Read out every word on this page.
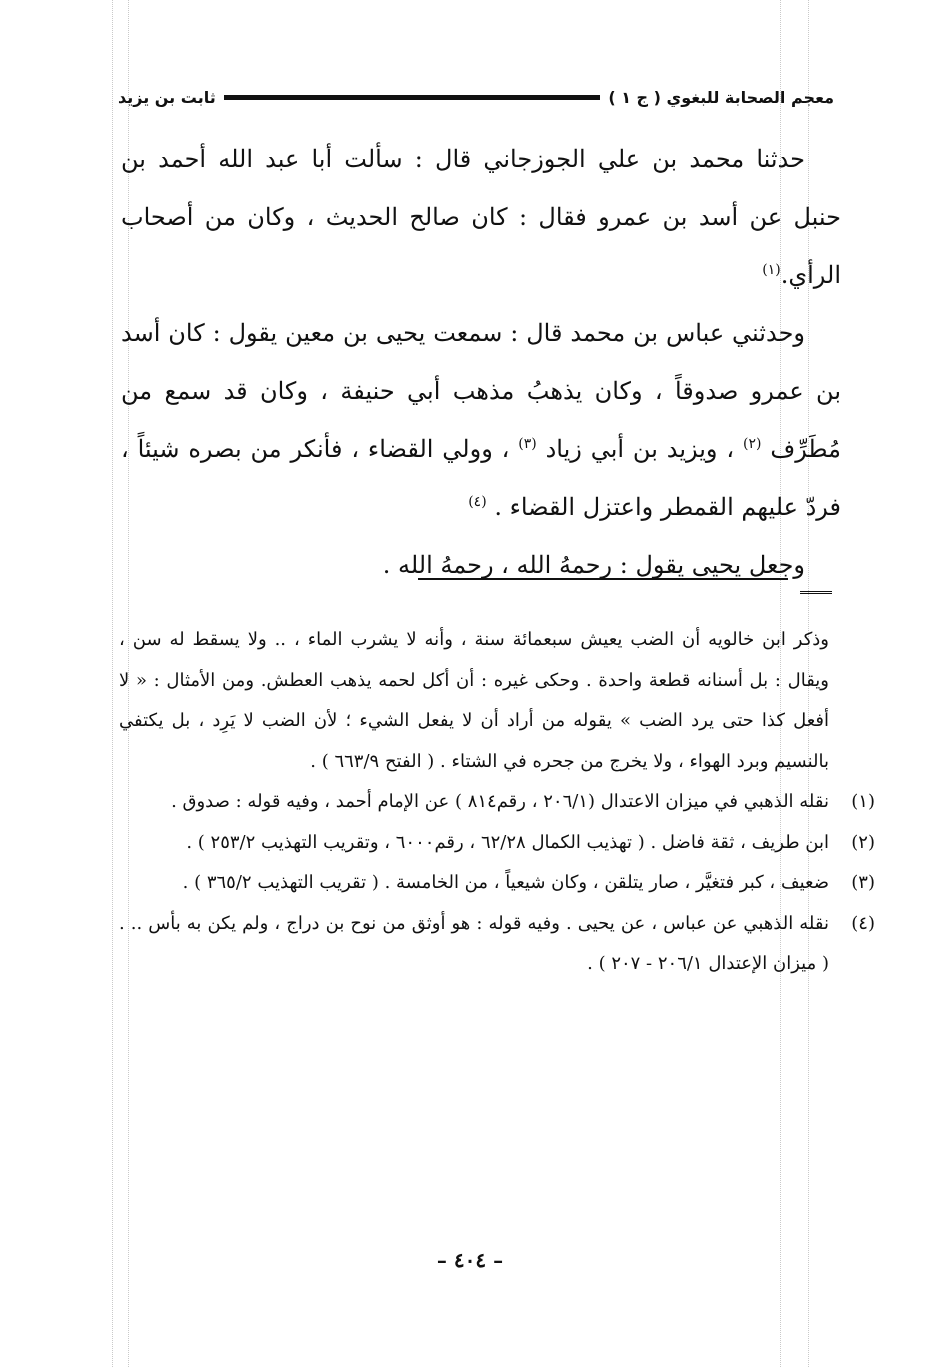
معجم الصحابة للبغوي ( ج ١ )
ثابت بن يزيد

حدثنا محمد بن علي الجوزجاني قال : سألت أبا عبد الله أحمد بن حنبل عن أسد بن عمرو فقال : كان صالح الحديث ، وكان من أصحاب الرأي.$^{(١)}$

وحدثني عباس بن محمد قال : سمعت يحيى بن معين يقول : كان أسد بن عمرو صدوقاً ، وكان يذهبُ مذهب أبي حنيفة ، وكان قد سمع من مُطَرِّف $^{(٢)}$ ، ويزيد بن أبي زياد $^{(٣)}$ ، وولي القضاء ، فأنكر من بصره شيئاً ، فردّ عليهم القمطر واعتزل القضاء . $^{(٤)}$

وجعل يحيى يقول : رحمهُ الله ، رحمهُ الله .

وذكر ابن خالويه أن الضب يعيش سبعمائة سنة ، وأنه لا يشرب الماء ، .. ولا يسقط له سن ، ويقال : بل أسنانه قطعة واحدة . وحكى غيره : أن أكل لحمه يذهب العطش. ومن الأمثال : « لا أفعل كذا حتى يرد الضب » يقوله من أراد أن لا يفعل الشيء ؛ لأن الضب لا يَرِد ، بل يكتفي بالنسيم وبرد الهواء ، ولا يخرج من جحره في الشتاء . ( الفتح ٦٦٣/٩ ) .

(١)
نقله الذهبي في ميزان الاعتدال (٢٠٦/١ ، رقم٨١٤ ) عن الإمام أحمد ، وفيه قوله : صدوق .
(٢)
ابن طريف ، ثقة فاضل . ( تهذيب الكمال ٦٢/٢٨ ، رقم٦٠٠٠ ، وتقريب التهذيب ٢٥٣/٢ ) .
(٣)
ضعيف ، كبر فتغيَّر ، صار يتلقن ، وكان شيعياً ، من الخامسة . ( تقريب التهذيب ٣٦٥/٢ ) .
(٤)
نقله الذهبي عن عباس ، عن يحيى . وفيه قوله : هو أوثق من نوح بن دراج ، ولم يكن به بأس .. . ( ميزان الإعتدال ٢٠٦/١ - ٢٠٧ ) .
– ٤٠٤ –
